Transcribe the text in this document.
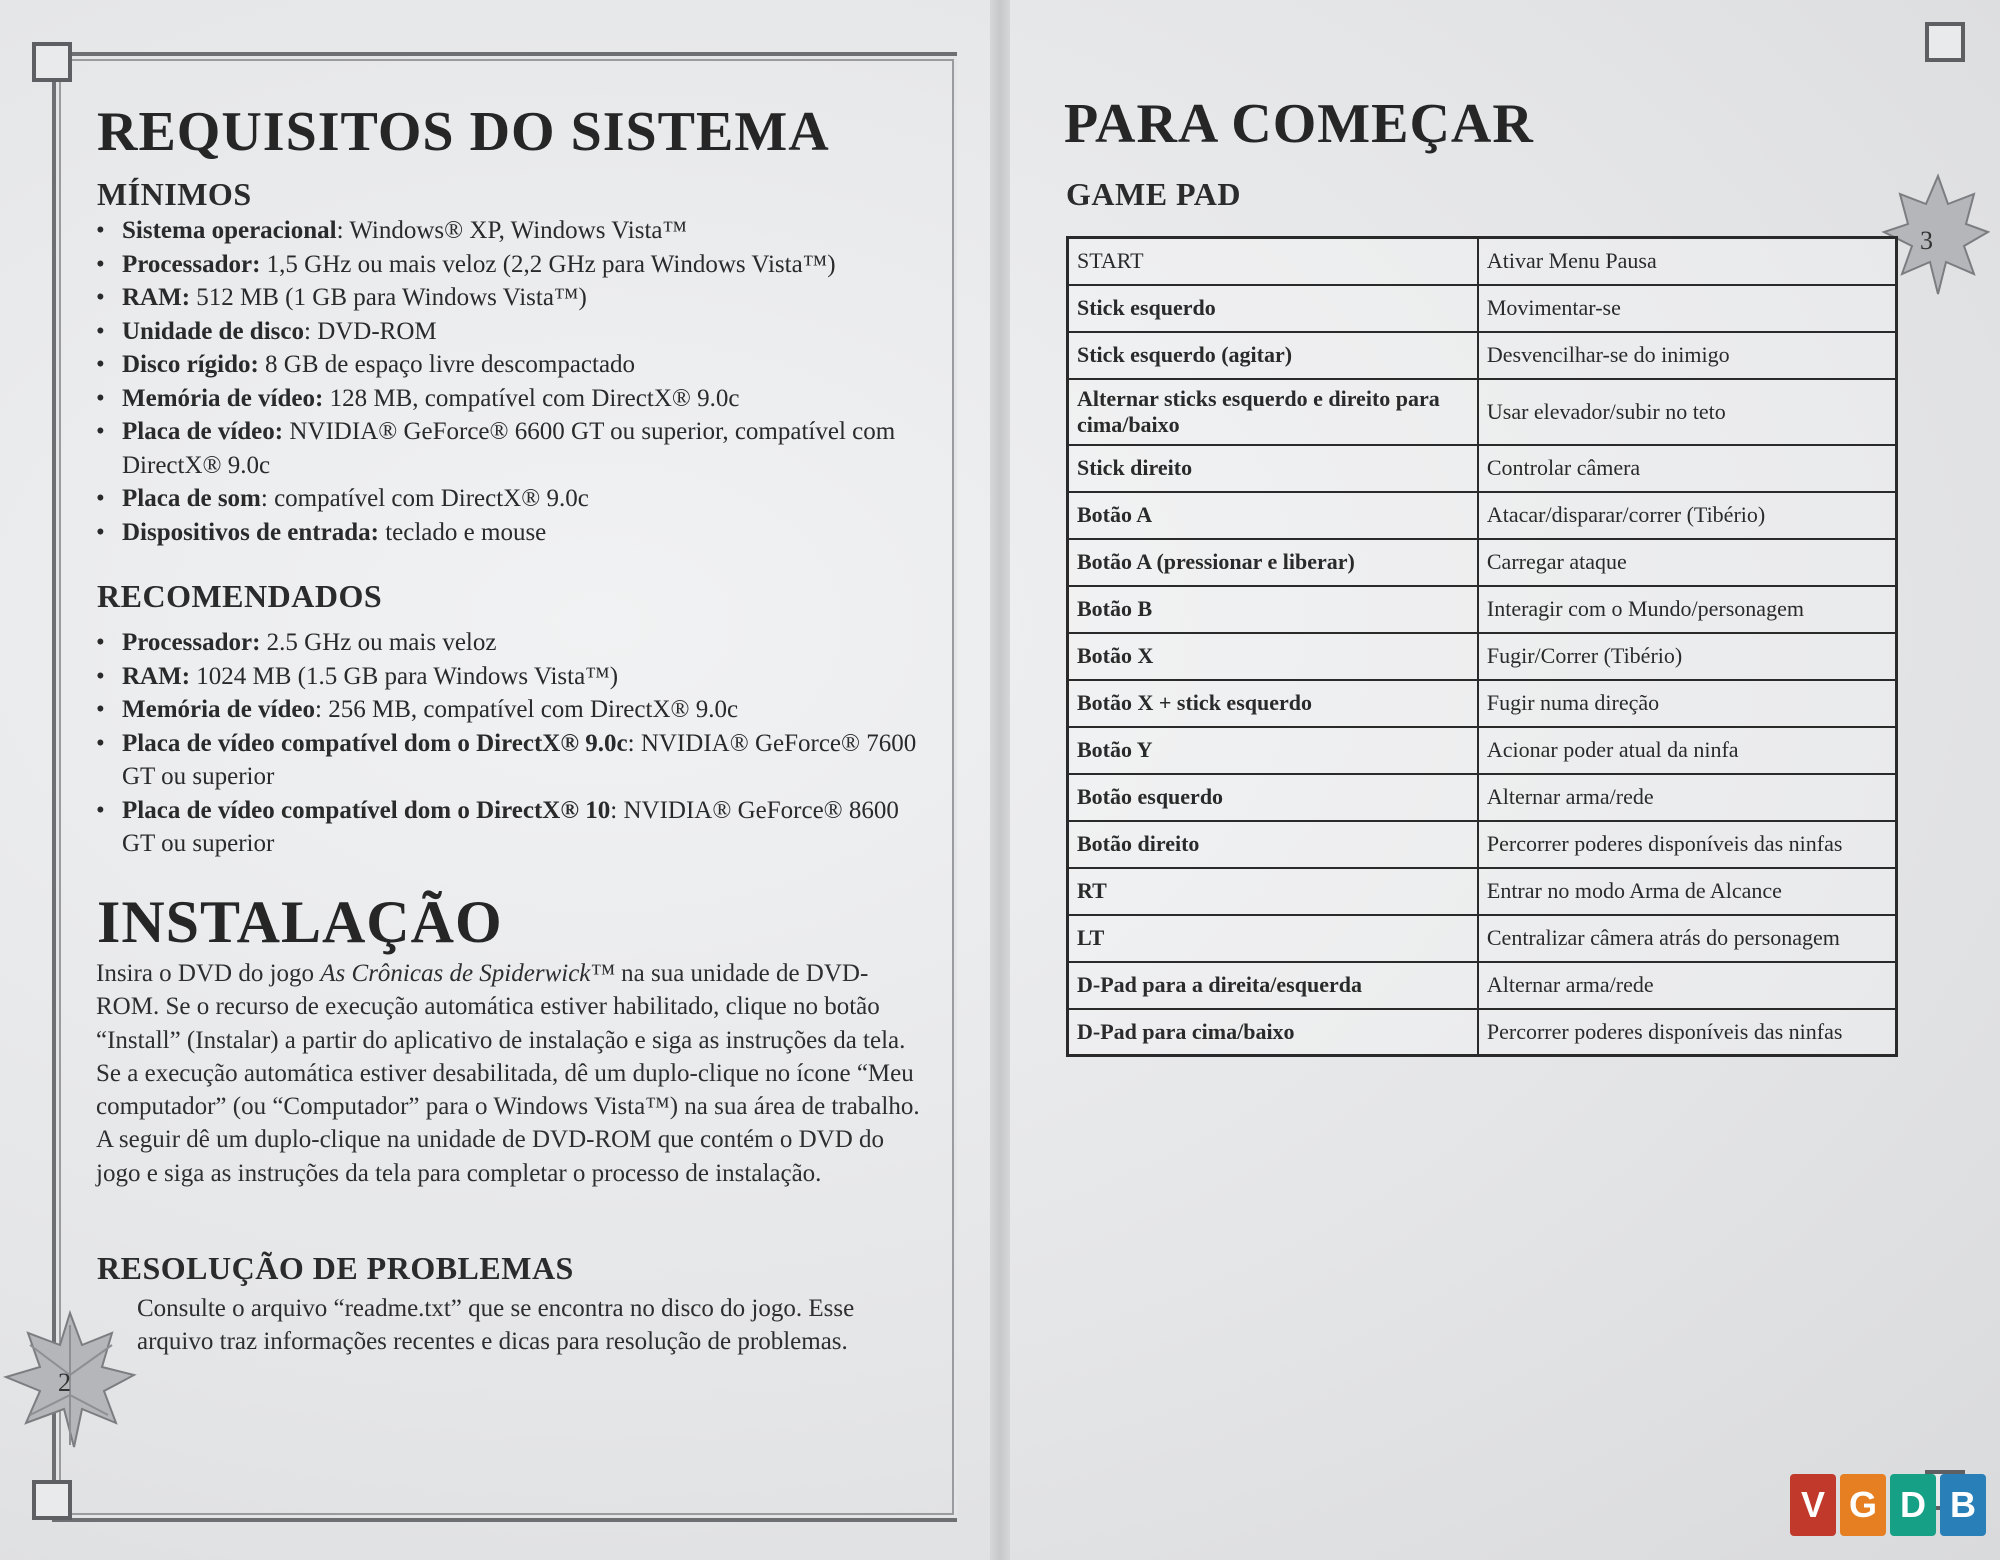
REQUISITOS DO SISTEMA
MÍNIMOS
• Sistema operacional: Windows® XP, Windows Vista™
• Processador: 1,5 GHz ou mais veloz (2,2 GHz para Windows Vista™)
• RAM: 512 MB (1 GB para Windows Vista™)
• Unidade de disco: DVD-ROM
• Disco rígido: 8 GB de espaço livre descompactado
• Memória de vídeo: 128 MB, compatível com DirectX® 9.0c
• Placa de vídeo: NVIDIA® GeForce® 6600 GT ou superior, compatível com DirectX® 9.0c
• Placa de som: compatível com DirectX® 9.0c
• Dispositivos de entrada: teclado e mouse
RECOMENDADOS
• Processador: 2.5 GHz ou mais veloz
• RAM: 1024 MB (1.5 GB para Windows Vista™)
• Memória de vídeo: 256 MB, compatível com DirectX® 9.0c
• Placa de vídeo compatível dom o DirectX® 9.0c: NVIDIA® GeForce® 7600 GT ou superior
• Placa de vídeo compatível dom o DirectX® 10: NVIDIA® GeForce® 8600 GT ou superior
INSTALAÇÃO
Insira o DVD do jogo As Crônicas de Spiderwick™ na sua unidade de DVD-ROM. Se o recurso de execução automática estiver habilitado, clique no botão “Install” (Instalar) a partir do aplicativo de instalação e siga as instruções da tela. Se a execução automática estiver desabilitada, dê um duplo-clique no ícone “Meu computador” (ou “Computador” para o Windows Vista™) na sua área de trabalho. A seguir dê um duplo-clique na unidade de DVD-ROM que contém o DVD do jogo e siga as instruções da tela para completar o processo de instalação.
RESOLUÇÃO DE PROBLEMAS
Consulte o arquivo “readme.txt” que se encontra no disco do jogo. Esse arquivo traz informações recentes e dicas para resolução de problemas.
2
PARA COMEÇAR
GAME PAD
3
START	Ativar Menu Pausa
Stick esquerdo	Movimentar-se
Stick esquerdo (agitar)	Desvencilhar-se do inimigo
Alternar sticks esquerdo e direito para cima/baixo	Usar elevador/subir no teto
Stick direito	Controlar câmera
Botão A	Atacar/disparar/correr (Tibério)
Botão A (pressionar e liberar)	Carregar ataque
Botão B	Interagir com o Mundo/personagem
Botão X	Fugir/Correr (Tibério)
Botão X + stick esquerdo	Fugir numa direção
Botão Y	Acionar poder atual da ninfa
Botão esquerdo	Alternar arma/rede
Botão direito	Percorrer poderes disponíveis das ninfas
RT	Entrar no modo Arma de Alcance
LT	Centralizar câmera atrás do personagem
D-Pad para a direita/esquerda	Alternar arma/rede
D-Pad para cima/baixo	Percorrer poderes disponíveis das ninfas
V G D B
